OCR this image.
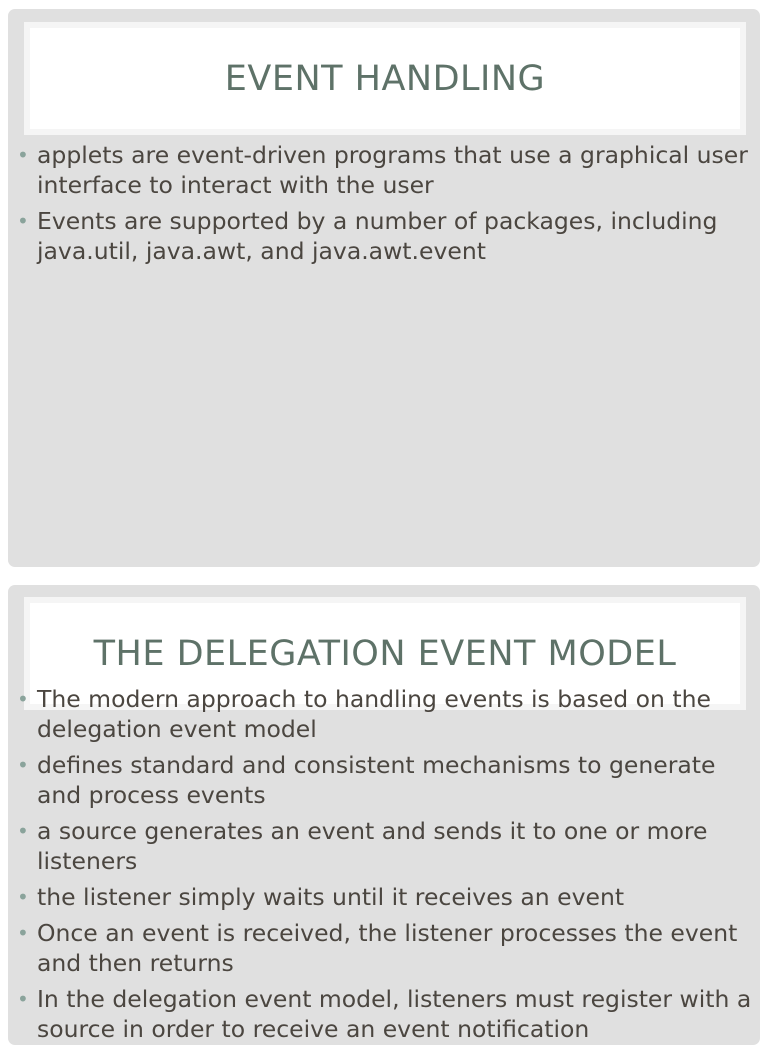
EVENT HANDLING
• applets are event-driven programs that use a graphical user interface to interact with the user
• Events are supported by a number of packages, including java.util, java.awt, and java.awt.event
THE DELEGATION EVENT MODEL
• The modern approach to handling events is based on the delegation event model
• defines standard and consistent mechanisms to generate and process events
• a source generates an event and sends it to one or more listeners
• the listener simply waits until it receives an event
• Once an event is received, the listener processes the event and then returns
• In the delegation event model, listeners must register with a source in order to receive an event notification
